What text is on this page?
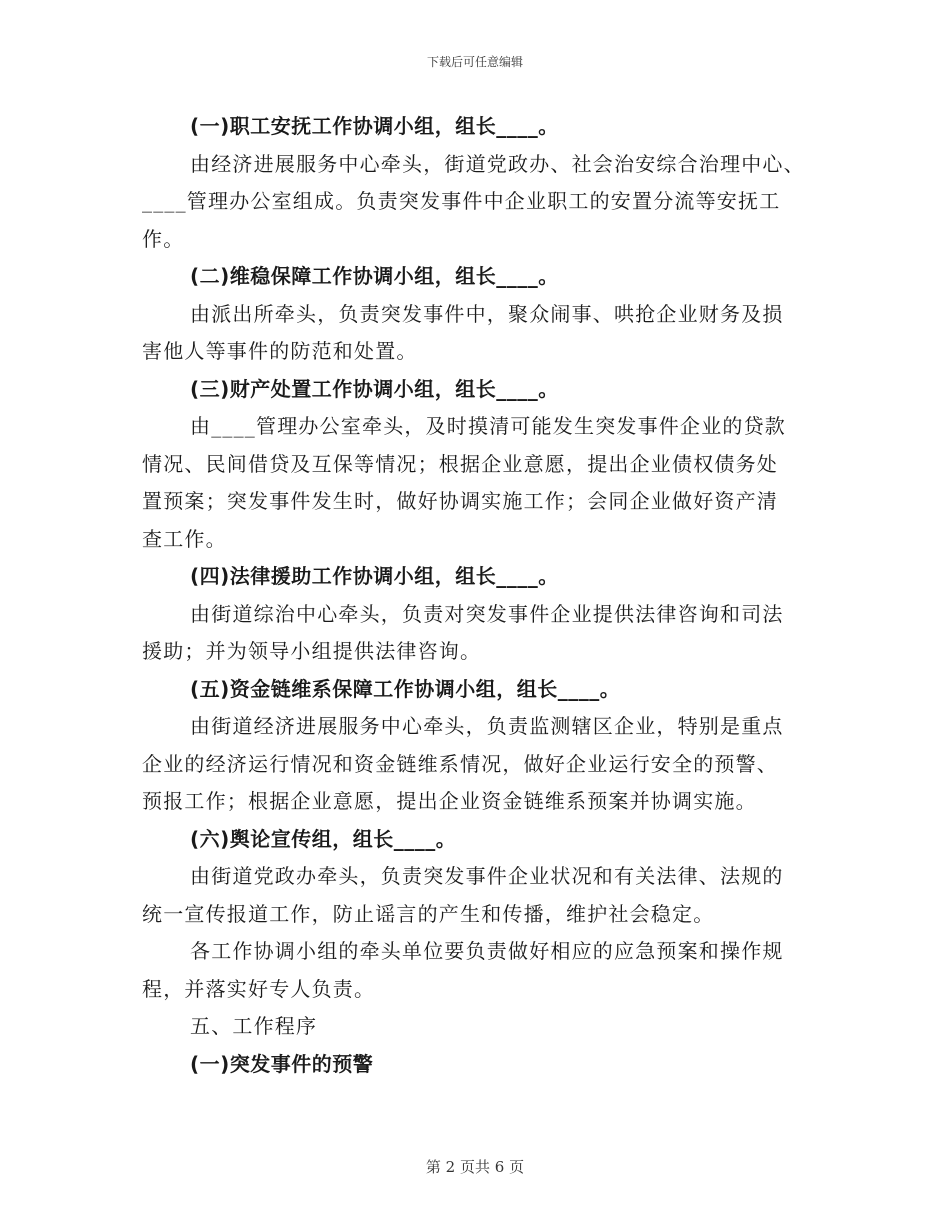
下载后可任意编辑
(一)职工安抚工作协调小组，组长____。
由经济进展服务中心牵头，街道党政办、社会治安综合治理中心、
____管理办公室组成。负责突发事件中企业职工的安置分流等安抚工
作。
(二)维稳保障工作协调小组，组长____。
由派出所牵头，负责突发事件中，聚众闹事、哄抢企业财务及损
害他人等事件的防范和处置。
(三)财产处置工作协调小组，组长____。
由____管理办公室牵头，及时摸清可能发生突发事件企业的贷款
情况、民间借贷及互保等情况；根据企业意愿，提出企业债权债务处
置预案；突发事件发生时，做好协调实施工作；会同企业做好资产清
查工作。
(四)法律援助工作协调小组，组长____。
由街道综治中心牵头，负责对突发事件企业提供法律咨询和司法
援助；并为领导小组提供法律咨询。
(五)资金链维系保障工作协调小组，组长____。
由街道经济进展服务中心牵头，负责监测辖区企业，特别是重点
企业的经济运行情况和资金链维系情况，做好企业运行安全的预警、
预报工作；根据企业意愿，提出企业资金链维系预案并协调实施。
(六)舆论宣传组，组长____。
由街道党政办牵头，负责突发事件企业状况和有关法律、法规的
统一宣传报道工作，防止谣言的产生和传播，维护社会稳定。
各工作协调小组的牵头单位要负责做好相应的应急预案和操作规
程，并落实好专人负责。
五、工作程序
(一)突发事件的预警
第 2 页共 6 页
